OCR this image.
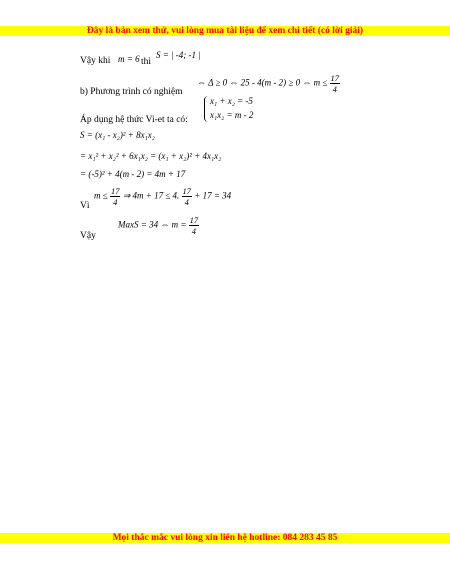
Đây là bản xem thử, vui lòng mua tài liệu để xem chi tiết (có lời giải)
Vậy khi m = 6 thì
S = | -4; -1 |
b) Phương trình có nghiệm
⇔ Δ ≥ 0 ⇔ 25 - 4(m - 2) ≥ 0 ⇔ $m \le \frac{17}{4}$
x₁ + x₂ = -5
x₁x₂ = m - 2
Áp dụng hệ thức Vi-et ta có:
S = (x₁ - x₂)² + 8x₁x₂
= x₁² + x₂² + 6x₁x₂ = (x₁ + x₂)² + 4x₁x₂
= (-5)² + 4(m - 2) = 4m + 17
Vì
$m \le \frac{17}{4}$ ⇒ 4m + 17 ≤ 4. $\frac{17}{4} + 17 = 34$
Vậy
MaxS = 34 ⇔ $m = \frac{17}{4}$
Mọi thắc mắc vui lòng xin liên hệ hotline: 084 283 45 85
